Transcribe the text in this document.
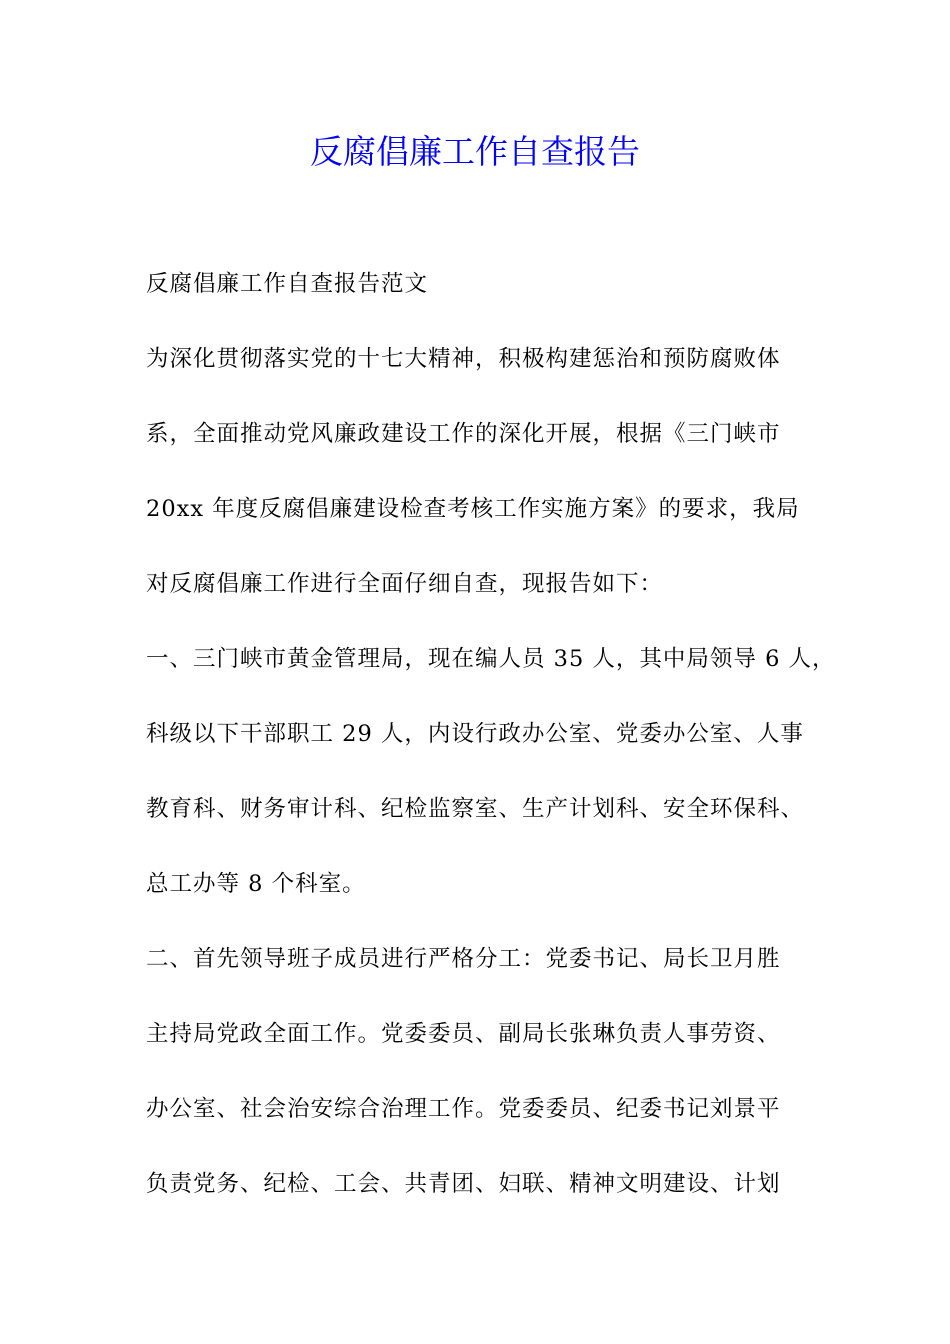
反腐倡廉工作自查报告

反腐倡廉工作自查报告范文

为深化贯彻落实党的十七大精神，积极构建惩治和预防腐败体

系，全面推动党风廉政建设工作的深化开展，根据《三门峡市

20xx 年度反腐倡廉建设检查考核工作实施方案》的要求，我局

对反腐倡廉工作进行全面仔细自查，现报告如下：

一、三门峡市黄金管理局，现在编人员 35 人，其中局领导 6 人，

科级以下干部职工 29 人，内设行政办公室、党委办公室、人事

教育科、财务审计科、纪检监察室、生产计划科、安全环保科、

总工办等 8 个科室。

二、首先领导班子成员进行严格分工：党委书记、局长卫月胜

主持局党政全面工作。党委委员、副局长张琳负责人事劳资、

办公室、社会治安综合治理工作。党委委员、纪委书记刘景平

负责党务、纪检、工会、共青团、妇联、精神文明建设、计划
